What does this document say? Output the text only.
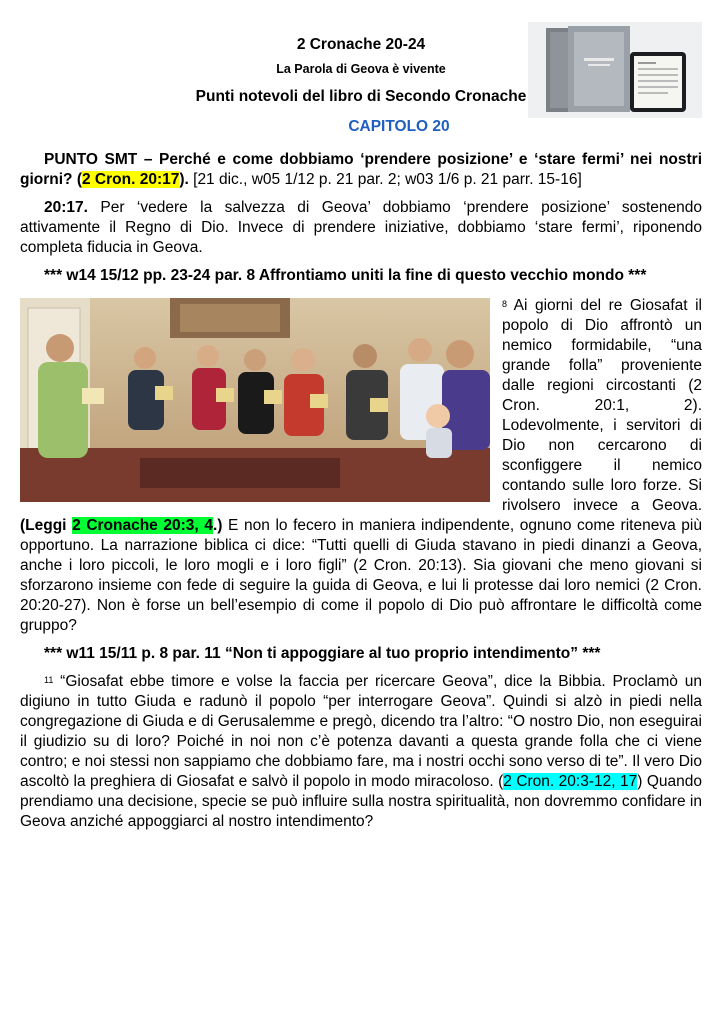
2 Cronache 20-24
La Parola di Geova è vivente
Punti notevoli del libro di Secondo Cronache
CAPITOLO 20

PUNTO SMT – Perché e come dobbiamo ‘prendere posizione’ e ‘stare fermi’ nei nostri giorni? (2 Cron. 20:17). [21 dic., w05 1/12 p. 21 par. 2; w03 1/6 p. 21 parr. 15-16]

20:17. Per ‘vedere la salvezza di Geova’ dobbiamo ‘prendere posizione’ sostenendo attivamente il Regno di Dio. Invece di prendere iniziative, dobbiamo ‘stare fermi’, riponendo completa fiducia in Geova.

*** w14 15/12 pp. 23-24 par. 8 Affrontiamo uniti la fine di questo vecchio mondo ***

$^8$ Ai giorni del re Giosafat il popolo di Dio affrontò un nemico formidabile, “una grande folla” proveniente dalle regioni circostanti (2 Cron. 20:1, 2). Lodevolmente, i servitori di Dio non cercarono di sconfiggere il nemico contando sulle loro forze. Si rivolsero invece a Geova. (Leggi 2 Cronache 20:3, 4.) E non lo fecero in maniera indipendente, ognuno come riteneva più opportuno. La narrazione biblica ci dice: “Tutti quelli di Giuda stavano in piedi dinanzi a Geova, anche i loro piccoli, le loro mogli e i loro figli” (2 Cron. 20:13). Sia giovani che meno giovani si sforzarono insieme con fede di seguire la guida di Geova, e lui li protesse dai loro nemici (2 Cron. 20:20-27). Non è forse un bell’esempio di come il popolo di Dio può affrontare le difficoltà come gruppo?

*** w11 15/11 p. 8 par. 11 “Non ti appoggiare al tuo proprio intendimento” ***

$^{11}$ “Giosafat ebbe timore e volse la faccia per ricercare Geova”, dice la Bibbia. Proclamò un digiuno in tutto Giuda e radunò il popolo “per interrogare Geova”. Quindi si alzò in piedi nella congregazione di Giuda e di Gerusalemme e pregò, dicendo tra l’altro: “O nostro Dio, non eseguirai il giudizio su di loro? Poiché in noi non c’è potenza davanti a questa grande folla che ci viene contro; e noi stessi non sappiamo che dobbiamo fare, ma i nostri occhi sono verso di te”. Il vero Dio ascoltò la preghiera di Giosafat e salvò il popolo in modo miracoloso. (2 Cron. 20:3-12, 17) Quando prendiamo una decisione, specie se può influire sulla nostra spiritualità, non dovremmo confidare in Geova anziché appoggiarci al nostro intendimento?
